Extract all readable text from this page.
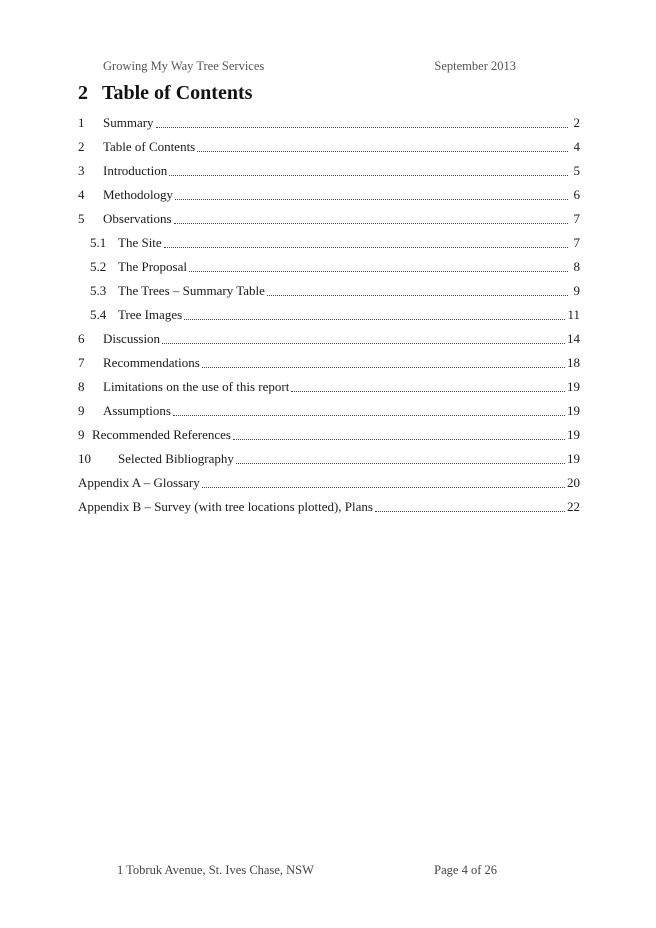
Growing My Way Tree Services	September 2013
2 Table of Contents
1	Summary	2
2	Table of Contents	4
3	Introduction	5
4	Methodology	6
5	Observations	7
5.1 The Site	7
5.2 The Proposal	8
5.3 The Trees – Summary Table	9
5.4 Tree Images	11
6	Discussion	14
7	Recommendations	18
8	Limitations on the use of this report	19
9	Assumptions	19
9 Recommended References	19
10	Selected Bibliography	19
Appendix A – Glossary	20
Appendix B – Survey (with tree locations plotted), Plans	22
1 Tobruk Avenue, St. Ives Chase, NSW	Page 4 of 26
